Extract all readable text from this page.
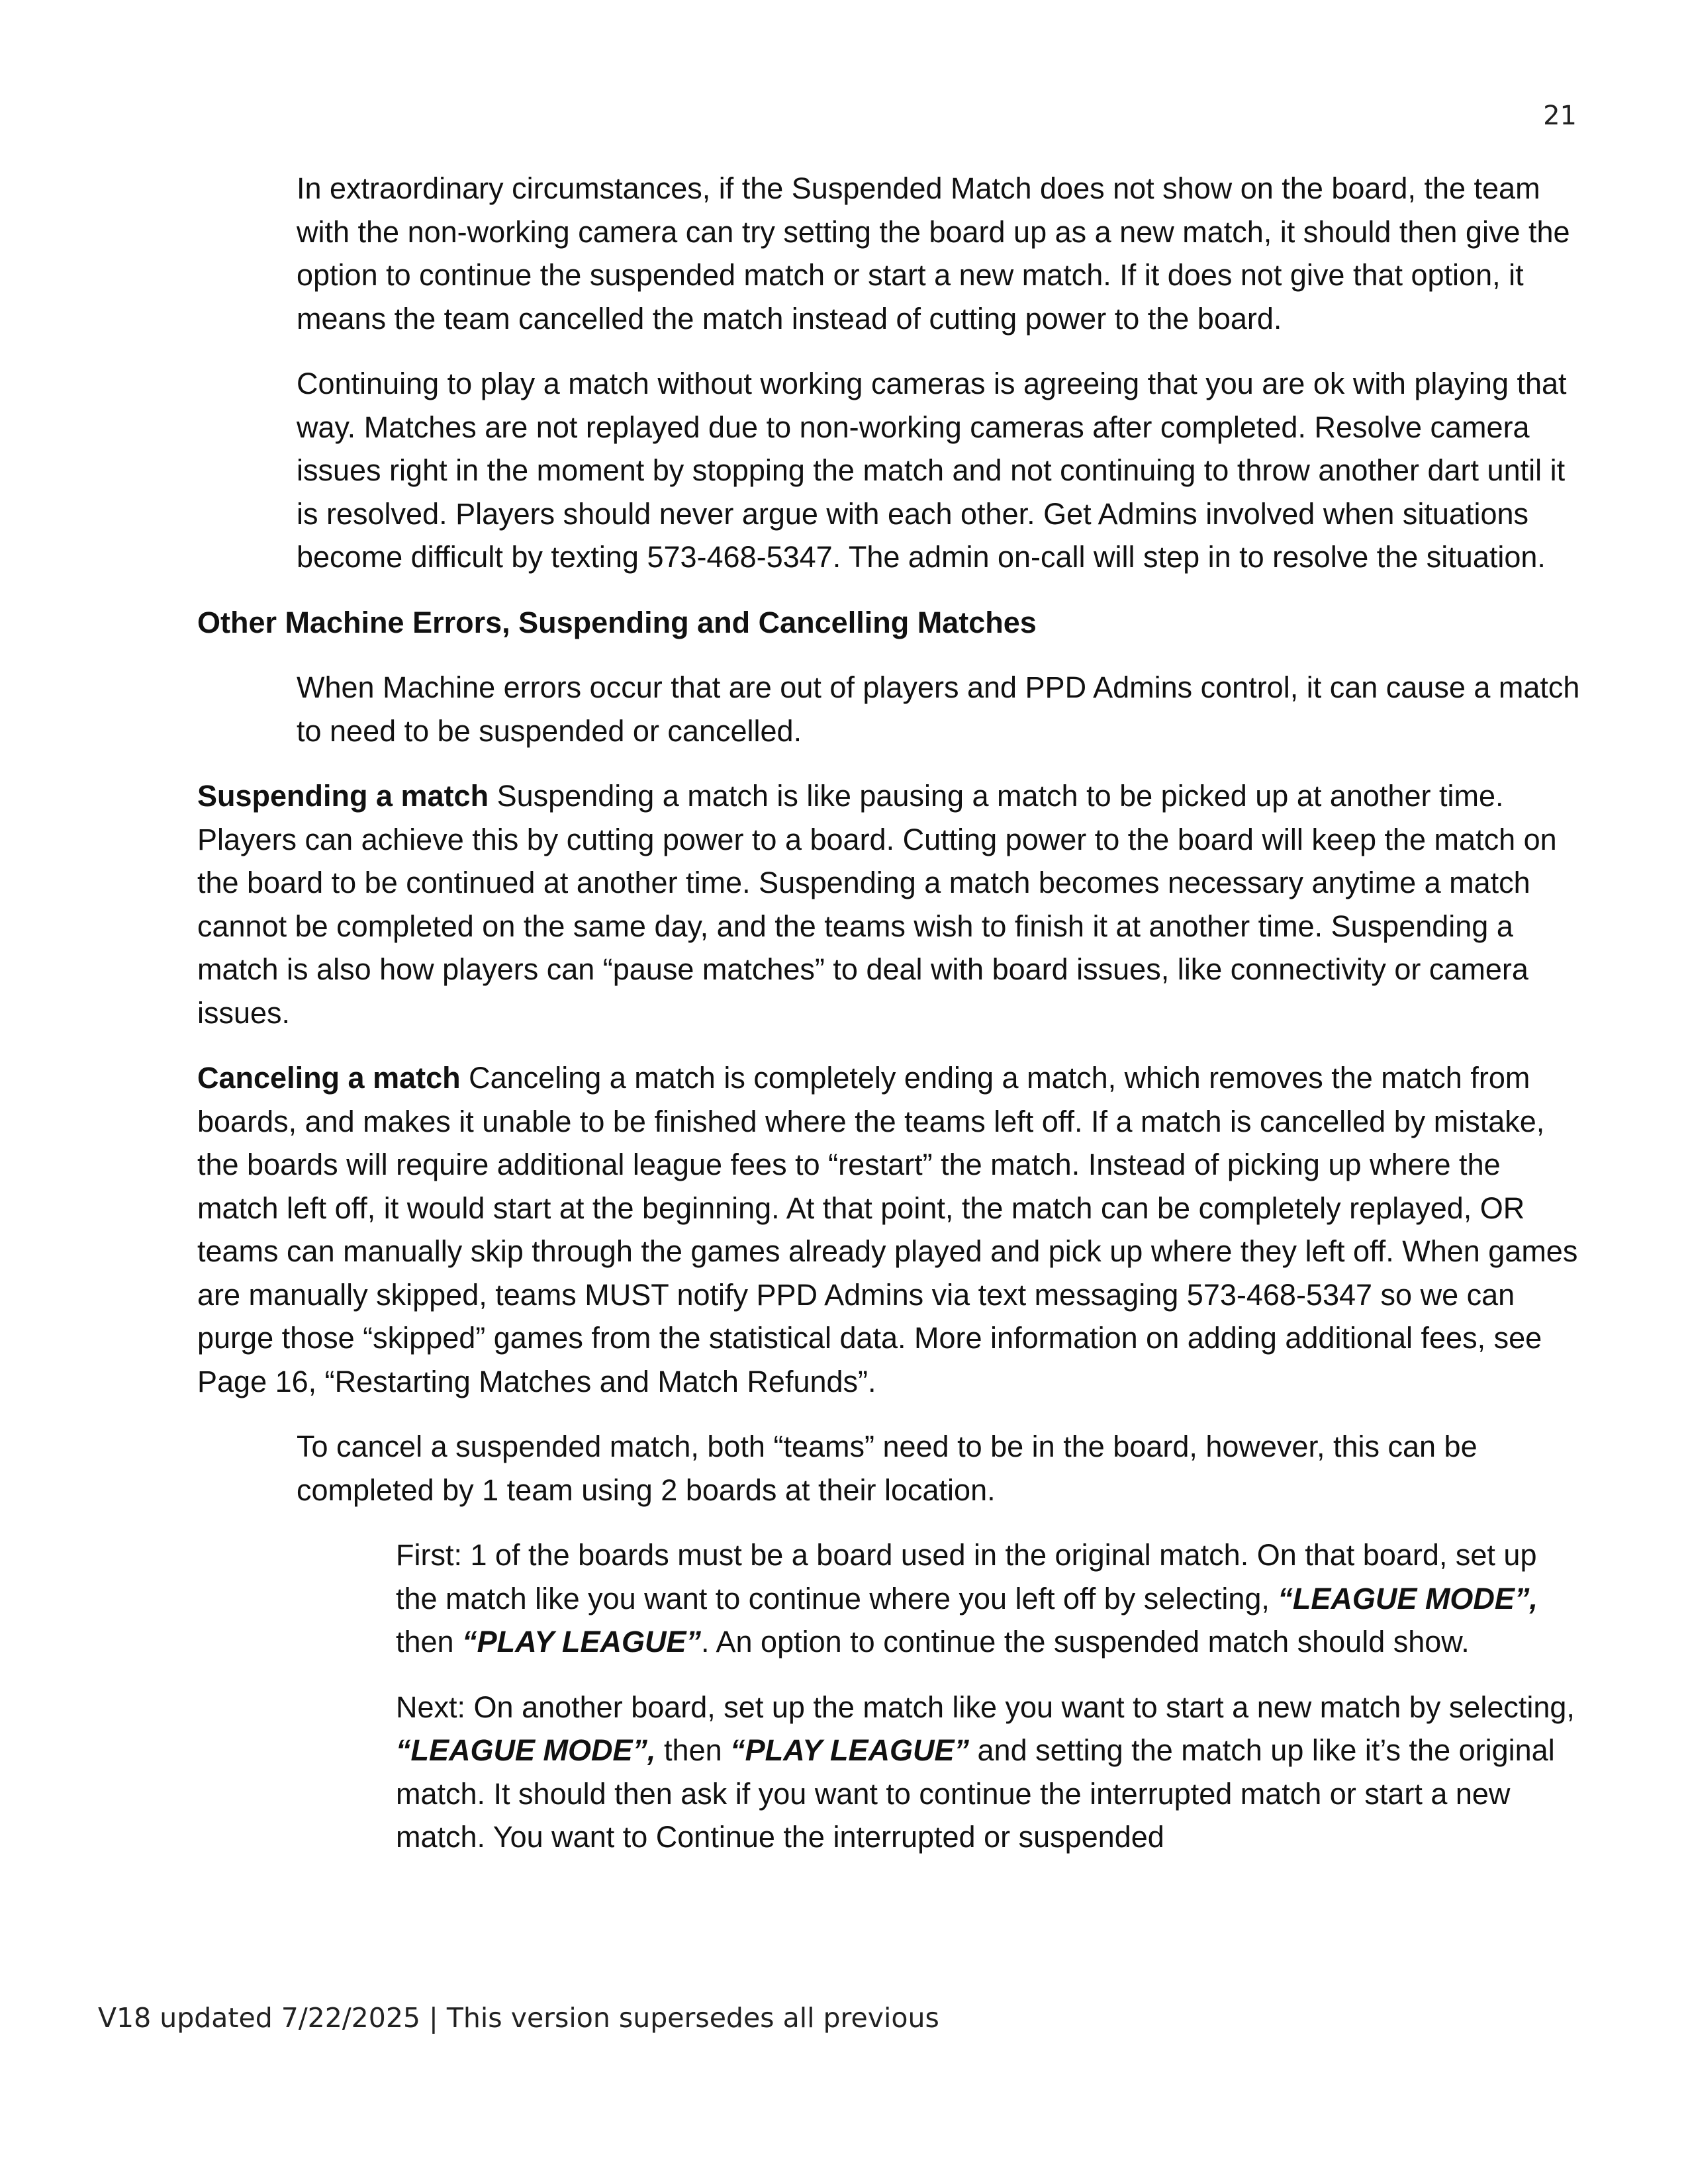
21

In extraordinary circumstances, if the Suspended Match does not show on the board, the team with the non-working camera can try setting the board up as a new match, it should then give the option to continue the suspended match or start a new match. If it does not give that option, it means the team cancelled the match instead of cutting power to the board.

Continuing to play a match without working cameras is agreeing that you are ok with playing that way. Matches are not replayed due to non-working cameras after completed. Resolve camera issues right in the moment by stopping the match and not continuing to throw another dart until it is resolved. Players should never argue with each other. Get Admins involved when situations become difficult by texting 573-468-5347. The admin on-call will step in to resolve the situation.

Other Machine Errors, Suspending and Cancelling Matches

When Machine errors occur that are out of players and PPD Admins control, it can cause a match to need to be suspended or cancelled.

Suspending a match Suspending a match is like pausing a match to be picked up at another time. Players can achieve this by cutting power to a board. Cutting power to the board will keep the match on the board to be continued at another time. Suspending a match becomes necessary anytime a match cannot be completed on the same day, and the teams wish to finish it at another time. Suspending a match is also how players can “pause matches” to deal with board issues, like connectivity or camera issues.

Canceling a match Canceling a match is completely ending a match, which removes the match from boards, and makes it unable to be finished where the teams left off. If a match is cancelled by mistake, the boards will require additional league fees to “restart” the match. Instead of picking up where the match left off, it would start at the beginning. At that point, the match can be completely replayed, OR teams can manually skip through the games already played and pick up where they left off. When games are manually skipped, teams MUST notify PPD Admins via text messaging 573-468-5347 so we can purge those “skipped” games from the statistical data. More information on adding additional fees, see Page 16, “Restarting Matches and Match Refunds”.

To cancel a suspended match, both “teams” need to be in the board, however, this can be completed by 1 team using 2 boards at their location.

First: 1 of the boards must be a board used in the original match. On that board, set up the match like you want to continue where you left off by selecting, “LEAGUE MODE”, then “PLAY LEAGUE”. An option to continue the suspended match should show.

Next: On another board, set up the match like you want to start a new match by selecting, “LEAGUE MODE”, then “PLAY LEAGUE” and setting the match up like it’s the original match. It should then ask if you want to continue the interrupted match or start a new match. You want to Continue the interrupted or suspended

V18 updated 7/22/2025 | This version supersedes all previous
